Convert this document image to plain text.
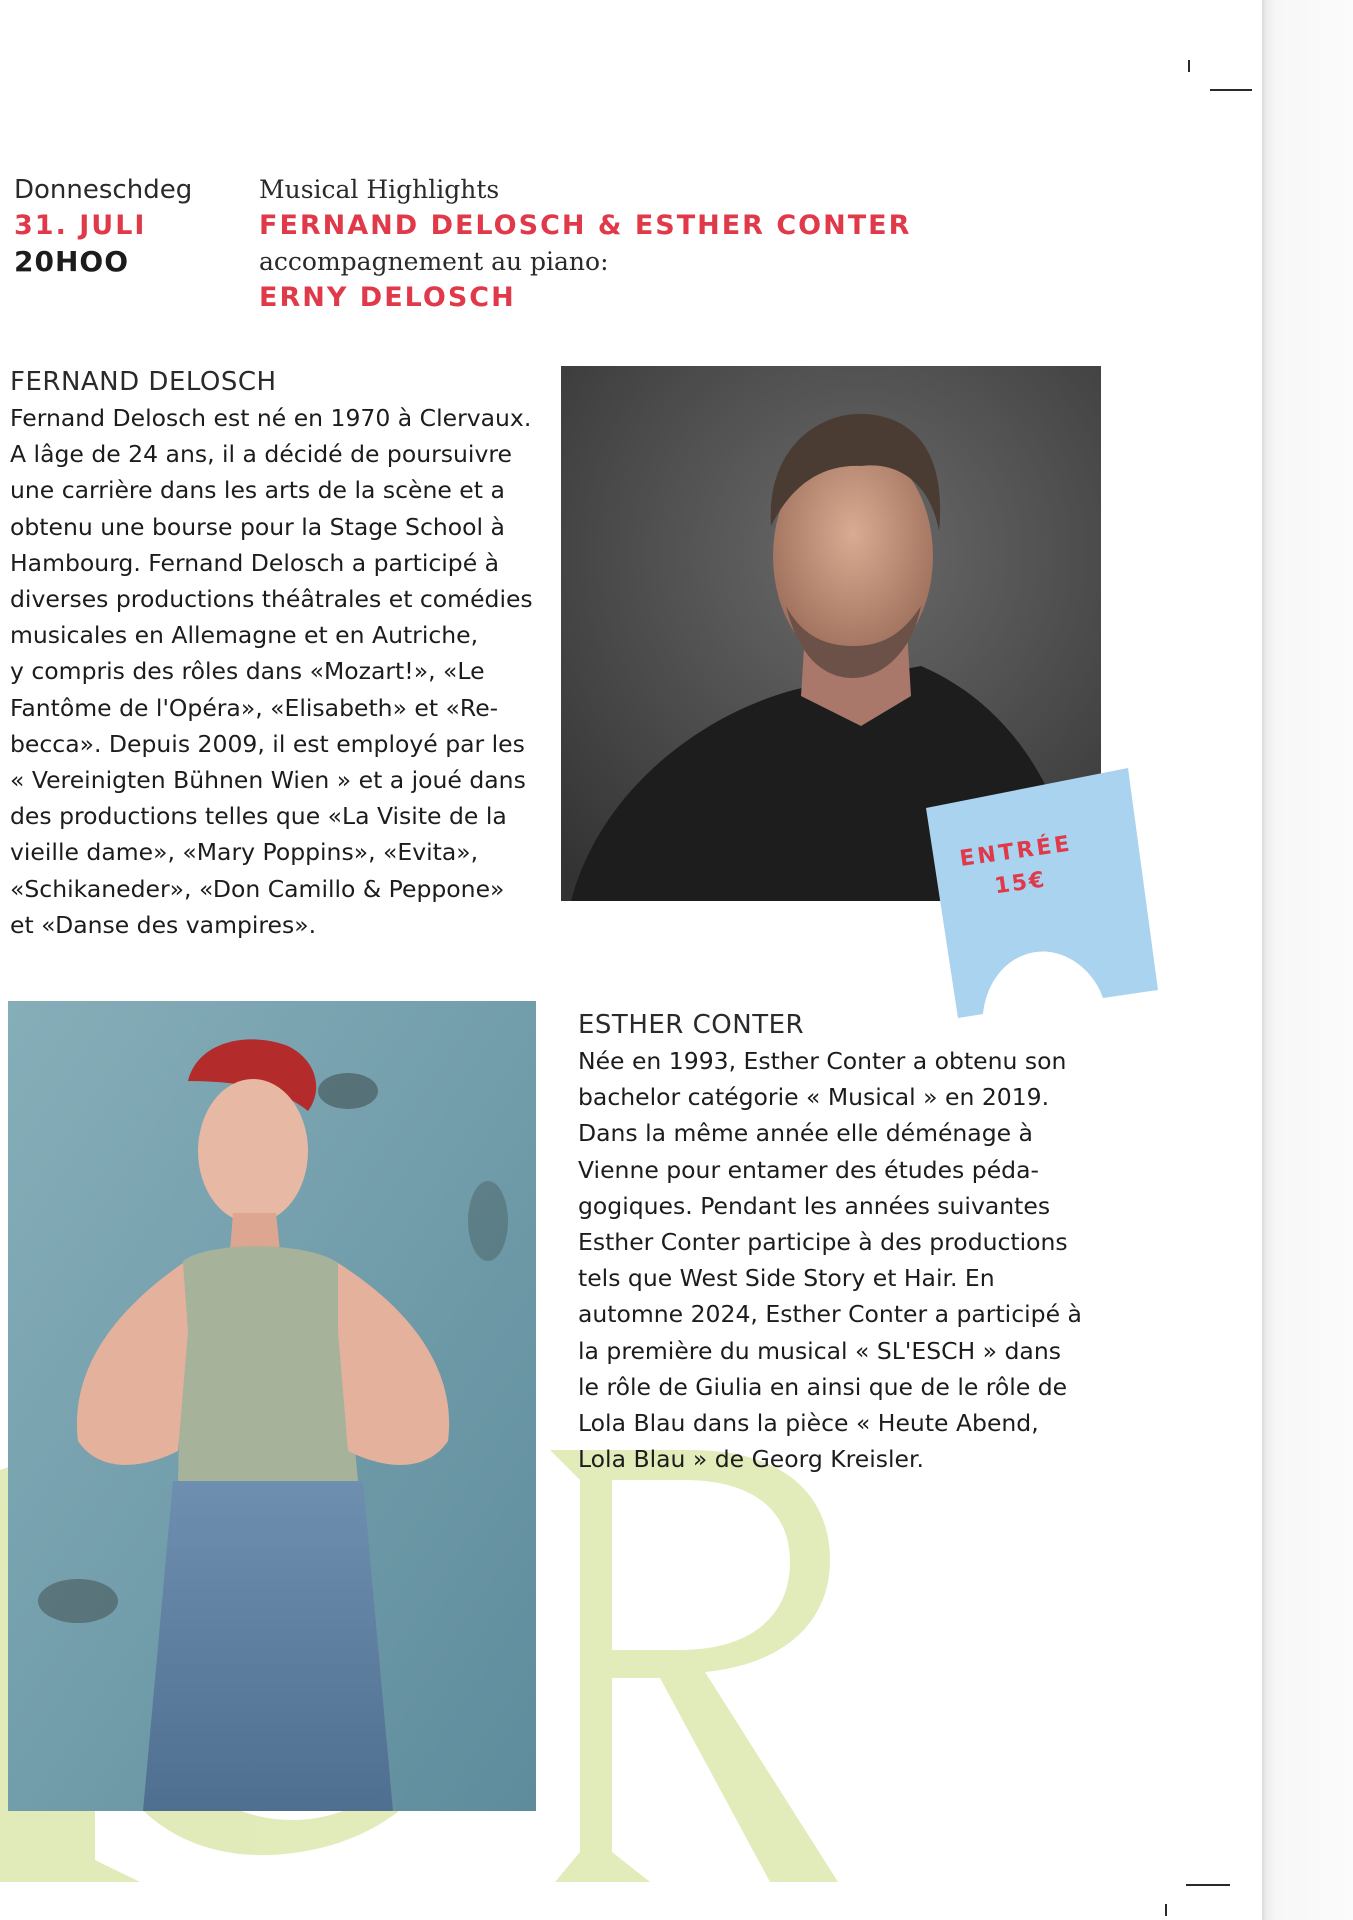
Donneschdeg
31. JULI
20HOO
Musical Highlights
FERNAND DELOSCH & ESTHER CONTER
accompagnement au piano:
ERNY DELOSCH
FERNAND DELOSCH
Fernand Delosch est né en 1970 à Clervaux.
A lâge de 24 ans, il a décidé de poursuivre
une carrière dans les arts de la scène et a
obtenu une bourse pour la Stage School à
Hambourg. Fernand Delosch a participé à
diverses productions théâtrales et comédies
musicales en Allemagne et en Autriche,
y compris des rôles dans «Mozart!», «Le
Fantôme de l'Opéra», «Elisabeth» et «Re-
becca». Depuis 2009, il est employé par les
« Vereinigten Bühnen Wien » et a joué dans
des productions telles que «La Visite de la
vieille dame», «Mary Poppins», «Evita»,
«Schikaneder», «Don Camillo & Peppone»
et «Danse des vampires».
ENTRÉE
15€
ESTHER CONTER
Née en 1993, Esther Conter a obtenu son
bachelor catégorie « Musical » en 2019.
Dans la même année elle déménage à
Vienne pour entamer des études péda-
gogiques. Pendant les années suivantes
Esther Conter participe à des productions
tels que West Side Story et Hair. En
automne 2024, Esther Conter a participé à
la première du musical « SL'ESCH » dans
le rôle de Giulia en ainsi que de le rôle de
Lola Blau dans la pièce « Heute Abend,
Lola Blau » de Georg Kreisler.
